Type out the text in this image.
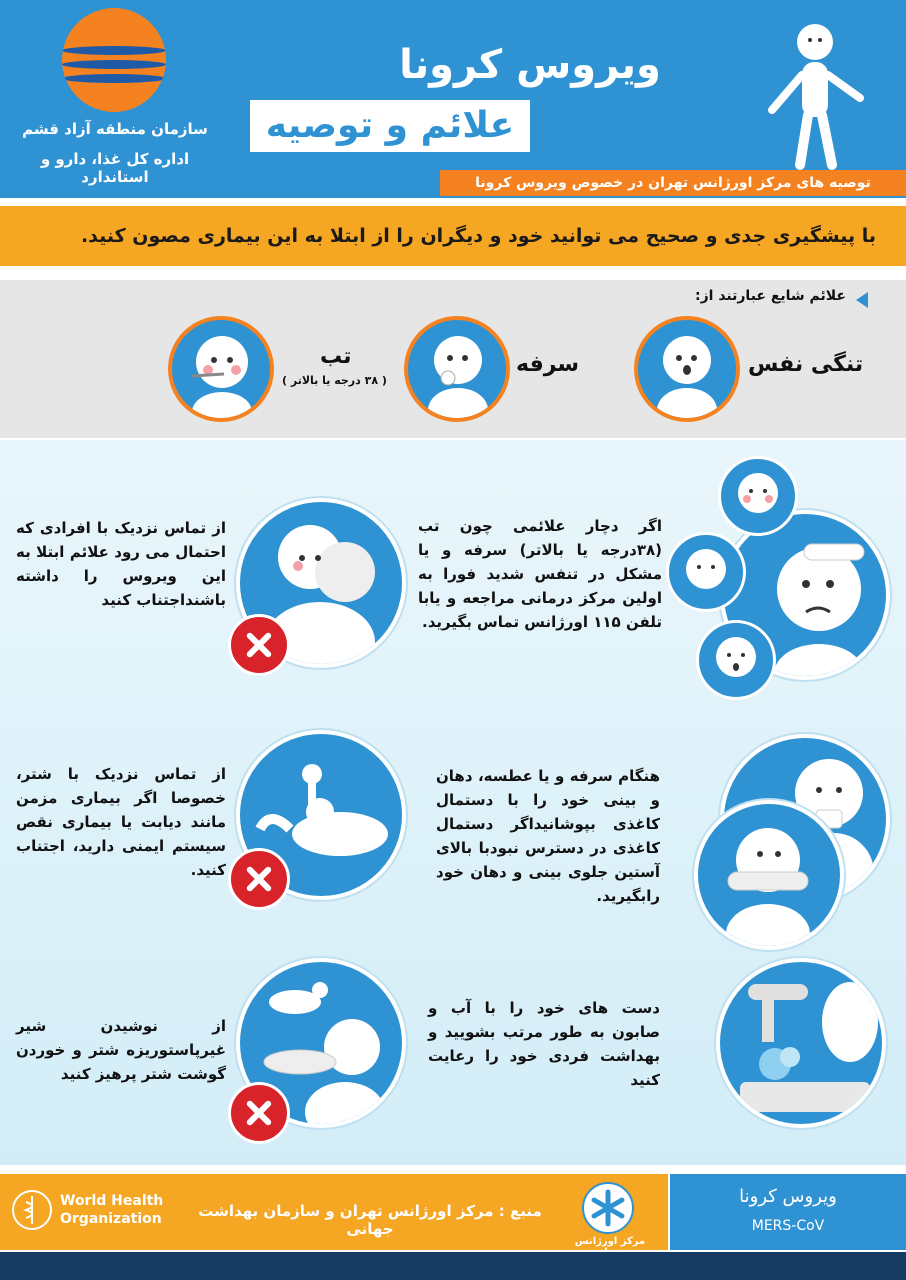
سازمان منطقه آزاد قشم
اداره کل غذا، دارو و استاندارد
ویروس کرونا
علائم و توصیه ها	توصیه های مرکز اورژانس تهران در خصوص ویروس کرونا
با پیشگیری جدی و صحیح می توانید خود و دیگران را از ابتلا به این بیماری مصون کنید.
علائم شایع عبارتند از:
تنگی نفس
سرفه
تب
( ۳۸ درجه یا بالاتر )
اگر دچار علائمی چون تب (۳۸درجه یا بالاتر) سرفه و یا مشکل در تنفس شدید فورا به اولین مرکز درمانی مراجعه و یابا تلفن ۱۱۵ اورژانس تماس بگیرید.
از تماس نزدیک با افرادی که احتمال می رود علائم ابتلا به این ویروس را داشته باشنداجتناب کنید
هنگام سرفه و یا عطسه، دهان و بینی خود را با دستمال کاغذی بپوشانیداگر دستمال کاغذی در دسترس نبودبا بالای آستین جلوی بینی و دهان خود رابگیرید.
از تماس نزدیک با شتر، خصوصا اگر بیماری مزمن مانند دیابت یا بیماری نقص سیستم ایمنی دارید، اجتناب کنید.
دست های خود را با آب و صابون به طور مرتب بشویید و بهداشت فردی خود را رعایت کنید
از نوشیدن شیر غیرپاستوریزه شتر و خوردن گوشت شتر پرهیز کنید
World Health
Organization	منبع : مرکز اورژانس تهران و سازمان بهداشت جهانی
مرکز اورژانس
ویروس کرونا
MERS-CoV
